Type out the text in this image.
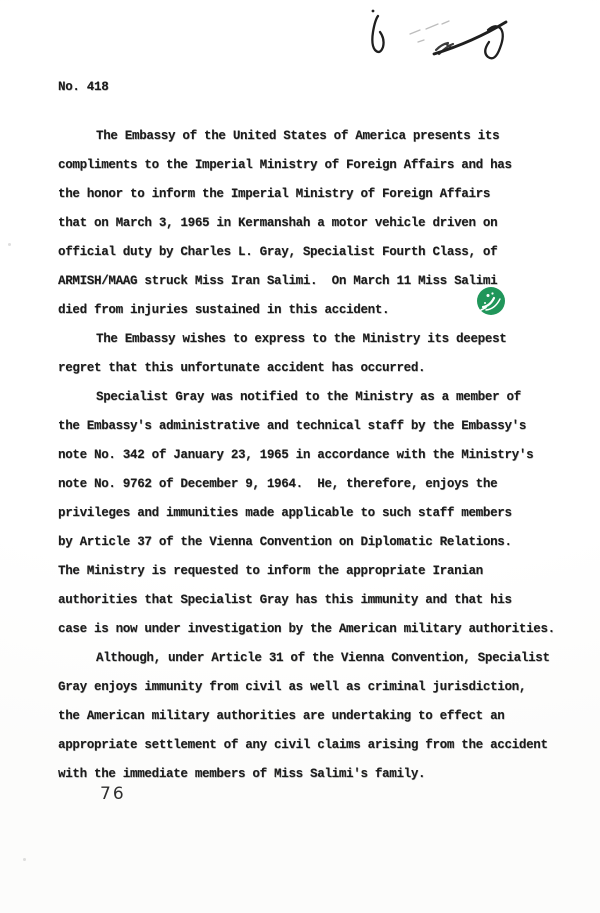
No. 418
The Embassy of the United States of America presents its
compliments to the Imperial Ministry of Foreign Affairs and has
the honor to inform the Imperial Ministry of Foreign Affairs
that on March 3, 1965 in Kermanshah a motor vehicle driven on
official duty by Charles L. Gray, Specialist Fourth Class, of
ARMISH/MAAG struck Miss Iran Salimi.  On March 11 Miss Salimi
died from injuries sustained in this accident.
The Embassy wishes to express to the Ministry its deepest
regret that this unfortunate accident has occurred.
Specialist Gray was notified to the Ministry as a member of
the Embassy's administrative and technical staff by the Embassy's
note No. 342 of January 23, 1965 in accordance with the Ministry's
note No. 9762 of December 9, 1964.  He, therefore, enjoys the
privileges and immunities made applicable to such staff members
by Article 37 of the Vienna Convention on Diplomatic Relations.
The Ministry is requested to inform the appropriate Iranian
authorities that Specialist Gray has this immunity and that his
case is now under investigation by the American military authorities.
Although, under Article 31 of the Vienna Convention, Specialist
Gray enjoys immunity from civil as well as criminal jurisdiction,
the American military authorities are undertaking to effect an
appropriate settlement of any civil claims arising from the accident
with the immediate members of Miss Salimi's family.
76
